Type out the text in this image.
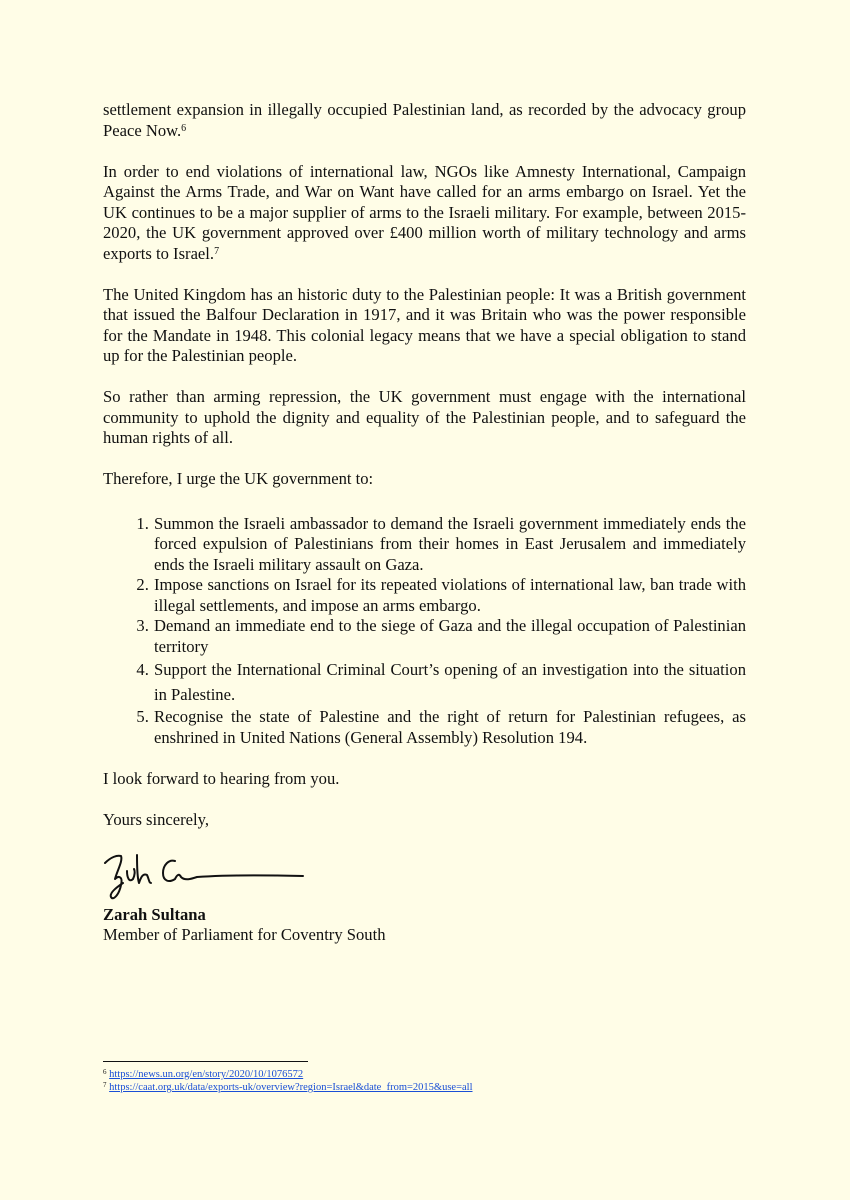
settlement expansion in illegally occupied Palestinian land, as recorded by the advocacy group Peace Now.$^6$

In order to end violations of international law, NGOs like Amnesty International, Campaign Against the Arms Trade, and War on Want have called for an arms embargo on Israel. Yet the UK continues to be a major supplier of arms to the Israeli military. For example, between 2015-2020, the UK government approved over £400 million worth of military technology and arms exports to Israel.$^7$

The United Kingdom has an historic duty to the Palestinian people: It was a British government that issued the Balfour Declaration in 1917, and it was Britain who was the power responsible for the Mandate in 1948. This colonial legacy means that we have a special obligation to stand up for the Palestinian people.

So rather than arming repression, the UK government must engage with the international community to uphold the dignity and equality of the Palestinian people, and to safeguard the human rights of all.

Therefore, I urge the UK government to:

1. Summon the Israeli ambassador to demand the Israeli government immediately ends the forced expulsion of Palestinians from their homes in East Jerusalem and immediately ends the Israeli military assault on Gaza.
2. Impose sanctions on Israel for its repeated violations of international law, ban trade with illegal settlements, and impose an arms embargo.
3. Demand an immediate end to the siege of Gaza and the illegal occupation of Palestinian territory
4. Support the International Criminal Court’s opening of an investigation into the situation in Palestine.
5. Recognise the state of Palestine and the right of return for Palestinian refugees, as enshrined in United Nations (General Assembly) Resolution 194.

I look forward to hearing from you.

Yours sincerely,

Zarah Sultana

Member of Parliament for Coventry South

$^6$ https://news.un.org/en/story/2020/10/1076572

$^7$ https://caat.org.uk/data/exports-uk/overview?region=Israel&date_from=2015&use=all
